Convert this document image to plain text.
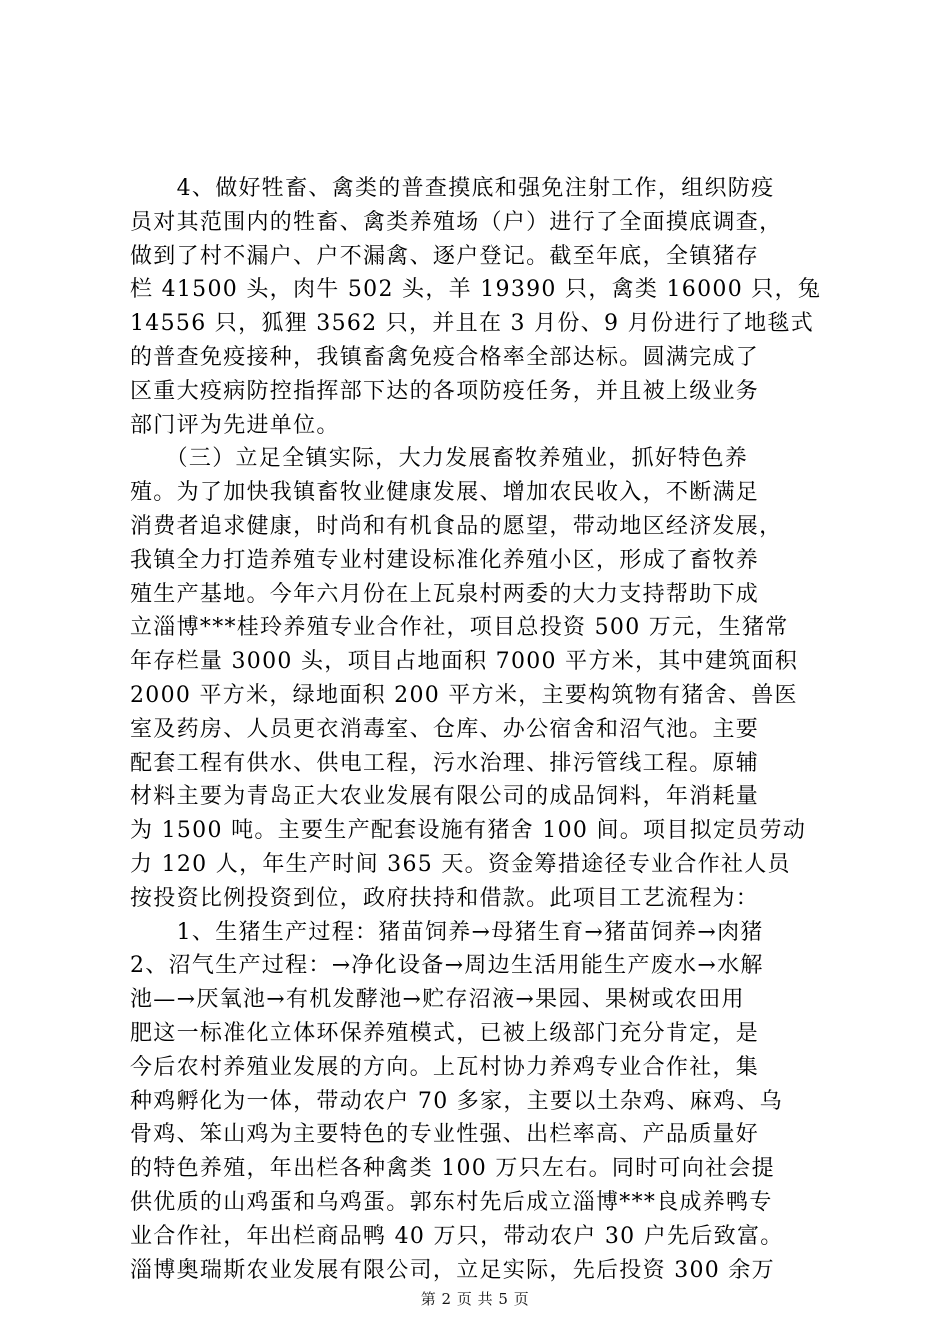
　　4、做好牲畜、禽类的普查摸底和强免注射工作，组织防疫
员对其范围内的牲畜、禽类养殖场（户）进行了全面摸底调查，
做到了村不漏户、户不漏禽、逐户登记。截至年底，全镇猪存
栏 41500 头，肉牛 502 头，羊 19390 只，禽类 16000 只，兔
14556 只，狐狸 3562 只，并且在 3 月份、9 月份进行了地毯式
的普查免疫接种，我镇畜禽免疫合格率全部达标。圆满完成了
区重大疫病防控指挥部下达的各项防疫任务，并且被上级业务
部门评为先进单位。
　　（三）立足全镇实际，大力发展畜牧养殖业，抓好特色养
殖。为了加快我镇畜牧业健康发展、增加农民收入，不断满足
消费者追求健康，时尚和有机食品的愿望，带动地区经济发展，
我镇全力打造养殖专业村建设标准化养殖小区，形成了畜牧养
殖生产基地。今年六月份在上瓦泉村两委的大力支持帮助下成
立淄博***桂玲养殖专业合作社，项目总投资 500 万元，生猪常
年存栏量 3000 头，项目占地面积 7000 平方米，其中建筑面积
2000 平方米，绿地面积 200 平方米，主要构筑物有猪舍、兽医
室及药房、人员更衣消毒室、仓库、办公宿舍和沼气池。主要
配套工程有供水、供电工程，污水治理、排污管线工程。原辅
材料主要为青岛正大农业发展有限公司的成品饲料，年消耗量
为 1500 吨。主要生产配套设施有猪舍 100 间。项目拟定员劳动
力 120 人，年生产时间 365 天。资金筹措途径专业合作社人员
按投资比例投资到位，政府扶持和借款。此项目工艺流程为：
　　1、生猪生产过程：猪苗饲养→母猪生育→猪苗饲养→肉猪
2、沼气生产过程：→净化设备→周边生活用能生产废水→水解
池—→厌氧池→有机发酵池→贮存沼液→果园、果树或农田用
肥这一标准化立体环保养殖模式，已被上级部门充分肯定，是
今后农村养殖业发展的方向。上瓦村协力养鸡专业合作社，集
种鸡孵化为一体，带动农户 70 多家，主要以土杂鸡、麻鸡、乌
骨鸡、笨山鸡为主要特色的专业性强、出栏率高、产品质量好
的特色养殖，年出栏各种禽类 100 万只左右。同时可向社会提
供优质的山鸡蛋和乌鸡蛋。郭东村先后成立淄博***良成养鸭专
业合作社，年出栏商品鸭 40 万只，带动农户 30 户先后致富。
淄博奥瑞斯农业发展有限公司，立足实际，先后投资 300 余万
第 2 页 共 5 页
